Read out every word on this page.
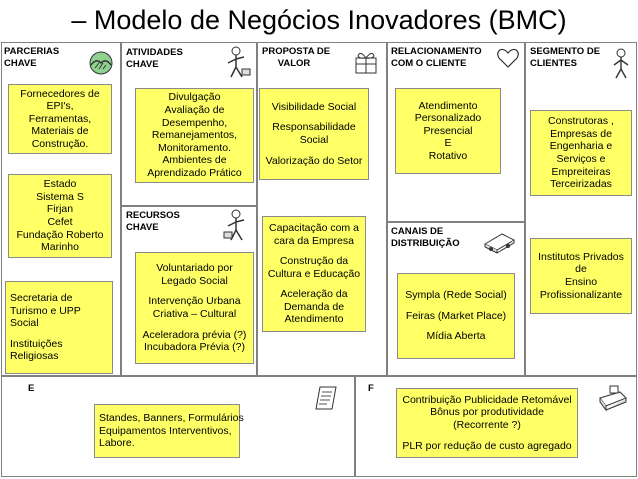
– Modelo de Negócios Inovadores (BMC)
PARCERIAS
CHAVE
ATIVIDADES
CHAVE
PROPOSTA DE
VALOR
RELACIONAMENTO
COM O CLIENTE
SEGMENTO DE
CLIENTES
RECURSOS
CHAVE	CANAIS DE
DISTRIBUIÇÃO
E	F
Fornecedores de
EPI's,
Ferramentas,
Materiais de
Construção.
Estado
Sistema S
Firjan
Cefet
Fundação Roberto
Marinho
Secretaria de
Turismo e UPP
Social
Instituições
Religiosas
Divulgação
Avaliação de
Desempenho,
Remanejamentos,
Monitoramento.
Ambientes de
Aprendizado Prático
Voluntariado por
Legado Social
Intervenção Urbana
Criativa – Cultural
Aceleradora prévia (?)
Incubadora Prévia (?)
Visibilidade Social
Responsabilidade
Social
Valorização do Setor
Capacitação com a
cara da Empresa
Construção da
Cultura e Educação
Aceleração da
Demanda de
Atendimento
Atendimento
Personalizado
Presencial
E
Rotativo
Sympla (Rede Social)
Feiras (Market Place)
Mídia Aberta
Construtoras ,
Empresas de
Engenharia e
Serviços e
Empreiteiras
Terceirizadas
Institutos Privados
de
Ensino
Profissionalizante
Standes, Banners, Formulários
Equipamentos Interventivos,
Labore.
Contribuição Publicidade Retomável
Bônus por produtividade
(Recorrente ?)
PLR por redução de custo agregado
